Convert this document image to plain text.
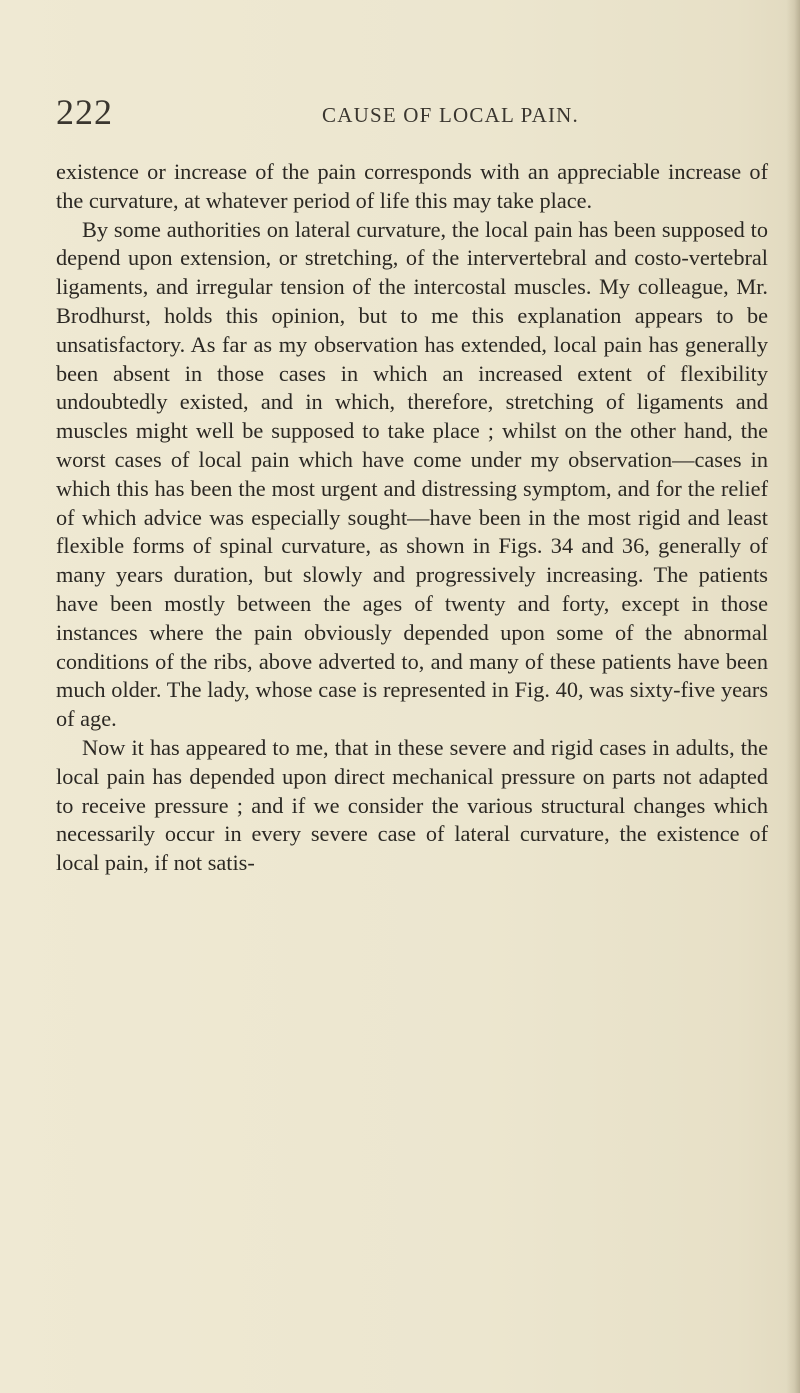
222	CAUSE OF LOCAL PAIN.

existence or increase of the pain corresponds with an appreciable increase of the curvature, at whatever period of life this may take place.

By some authorities on lateral curvature, the local pain has been supposed to depend upon extension, or stretching, of the intervertebral and costo-vertebral ligaments, and irregular tension of the intercostal muscles. My colleague, Mr. Brodhurst, holds this opinion, but to me this explanation appears to be unsatisfactory. As far as my observation has extended, local pain has generally been absent in those cases in which an increased extent of flexibility undoubtedly existed, and in which, therefore, stretching of ligaments and muscles might well be supposed to take place ; whilst on the other hand, the worst cases of local pain which have come under my observation—cases in which this has been the most urgent and distressing symptom, and for the relief of which advice was especially sought—have been in the most rigid and least flexible forms of spinal curvature, as shown in Figs. 34 and 36, generally of many years duration, but slowly and progressively increasing. The patients have been mostly between the ages of twenty and forty, except in those instances where the pain obviously depended upon some of the abnormal conditions of the ribs, above adverted to, and many of these patients have been much older. The lady, whose case is represented in Fig. 40, was sixty-five years of age.

Now it has appeared to me, that in these severe and rigid cases in adults, the local pain has depended upon direct mechanical pressure on parts not adapted to receive pressure ; and if we consider the various structural changes which necessarily occur in every severe case of lateral curvature, the existence of local pain, if not satis-
